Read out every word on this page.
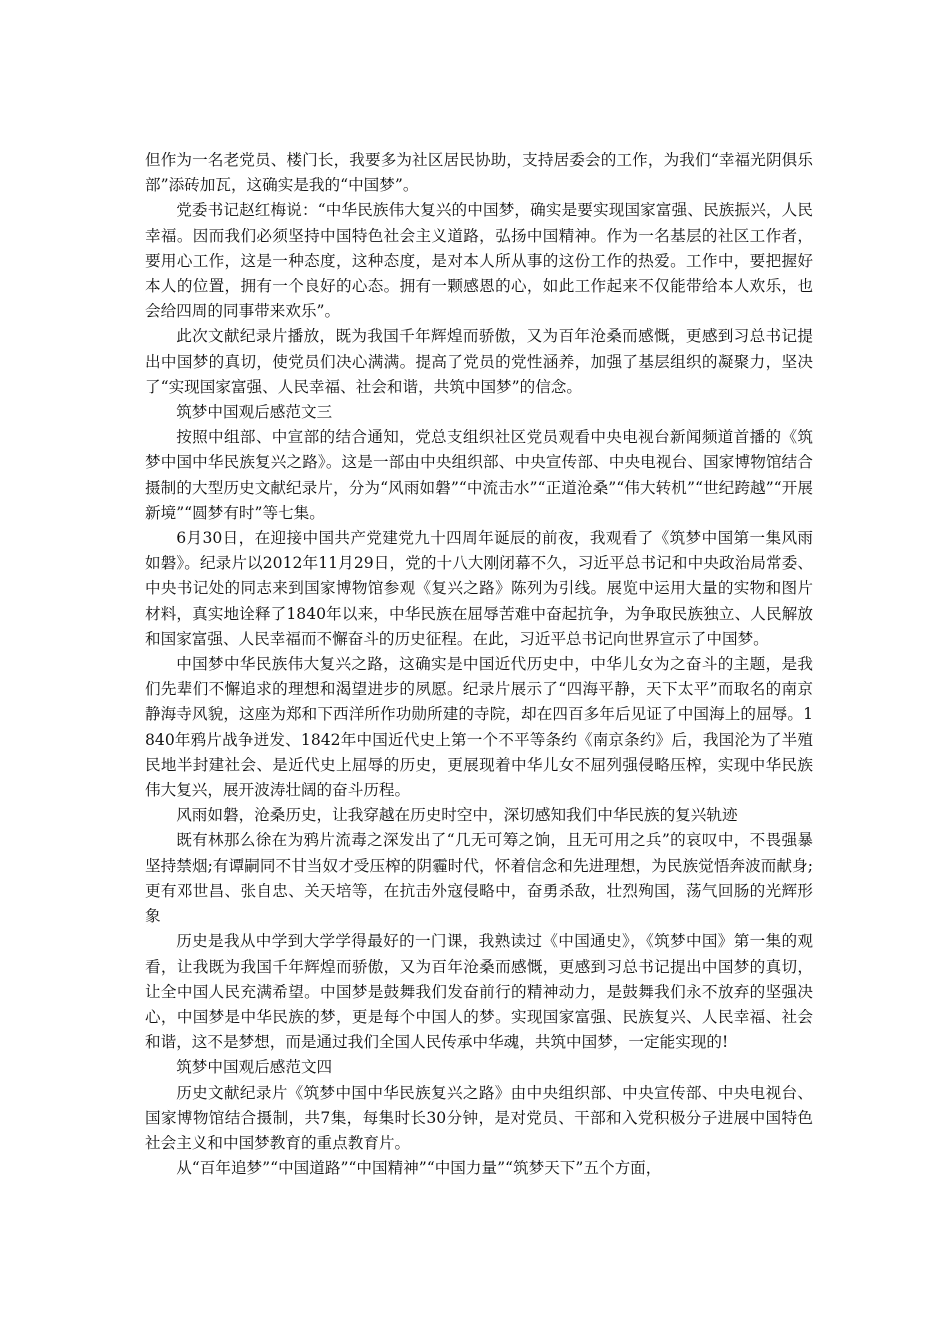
但作为一名老党员、楼门长，我要多为社区居民协助，支持居委会的工作，为我们“幸福光阴俱乐部”添砖加瓦，这确实是我的“中国梦”。

党委书记赵红梅说：“中华民族伟大复兴的中国梦，确实是要实现国家富强、民族振兴，人民幸福。因而我们必须坚持中国特色社会主义道路，弘扬中国精神。作为一名基层的社区工作者，要用心工作，这是一种态度，这种态度，是对本人所从事的这份工作的热爱。工作中，要把握好本人的位置，拥有一个良好的心态。拥有一颗感恩的心，如此工作起来不仅能带给本人欢乐，也会给四周的同事带来欢乐”。

此次文献纪录片播放，既为我国千年辉煌而骄傲，又为百年沧桑而感慨，更感到习总书记提出中国梦的真切，使党员们决心满满。提高了党员的党性涵养，加强了基层组织的凝聚力，坚决了“实现国家富强、人民幸福、社会和谐，共筑中国梦”的信念。

筑梦中国观后感范文三

按照中组部、中宣部的结合通知，党总支组织社区党员观看中央电视台新闻频道首播的《筑梦中国中华民族复兴之路》。这是一部由中央组织部、中央宣传部、中央电视台、国家博物馆结合摄制的大型历史文献纪录片，分为“风雨如磐”“中流击水”“正道沧桑”“伟大转机”“世纪跨越”“开展新境”“圆梦有时”等七集。

6月30日，在迎接中国共产党建党九十四周年诞辰的前夜，我观看了《筑梦中国第一集风雨如磐》。纪录片以2012年11月29日，党的十八大刚闭幕不久，习近平总书记和中央政治局常委、中央书记处的同志来到国家博物馆参观《复兴之路》陈列为引线。展览中运用大量的实物和图片材料，真实地诠释了1840年以来，中华民族在屈辱苦难中奋起抗争，为争取民族独立、人民解放和国家富强、人民幸福而不懈奋斗的历史征程。在此，习近平总书记向世界宣示了中国梦。

中国梦中华民族伟大复兴之路，这确实是中国近代历史中，中华儿女为之奋斗的主题，是我们先辈们不懈追求的理想和渴望进步的夙愿。纪录片展示了“四海平静，天下太平”而取名的南京静海寺风貌，这座为郑和下西洋所作功勋所建的寺院，却在四百多年后见证了中国海上的屈辱。1840年鸦片战争迸发、1842年中国近代史上第一个不平等条约《南京条约》后，我国沦为了半殖民地半封建社会、是近代史上屈辱的历史，更展现着中华儿女不屈列强侵略压榨，实现中华民族伟大复兴，展开波涛壮阔的奋斗历程。

风雨如磐，沧桑历史，让我穿越在历史时空中，深切感知我们中华民族的复兴轨迹

既有林那么徐在为鸦片流毒之深发出了“几无可筹之饷，且无可用之兵”的哀叹中，不畏强暴坚持禁烟;有谭嗣同不甘当奴才受压榨的阴霾时代，怀着信念和先进理想，为民族觉悟奔波而献身;更有邓世昌、张自忠、关天培等，在抗击外寇侵略中，奋勇杀敌，壮烈殉国，荡气回肠的光辉形象

历史是我从中学到大学学得最好的一门课，我熟读过《中国通史》，《筑梦中国》第一集的观看，让我既为我国千年辉煌而骄傲，又为百年沧桑而感慨，更感到习总书记提出中国梦的真切，让全中国人民充满希望。中国梦是鼓舞我们发奋前行的精神动力，是鼓舞我们永不放弃的坚强决心，中国梦是中华民族的梦，更是每个中国人的梦。实现国家富强、民族复兴、人民幸福、社会和谐，这不是梦想，而是通过我们全国人民传承中华魂，共筑中国梦，一定能实现的!

筑梦中国观后感范文四

历史文献纪录片《筑梦中国中华民族复兴之路》由中央组织部、中央宣传部、中央电视台、国家博物馆结合摄制，共7集，每集时长30分钟，是对党员、干部和入党积极分子进展中国特色社会主义和中国梦教育的重点教育片。

从“百年追梦”“中国道路”“中国精神”“中国力量”“筑梦天下”五个方面，
